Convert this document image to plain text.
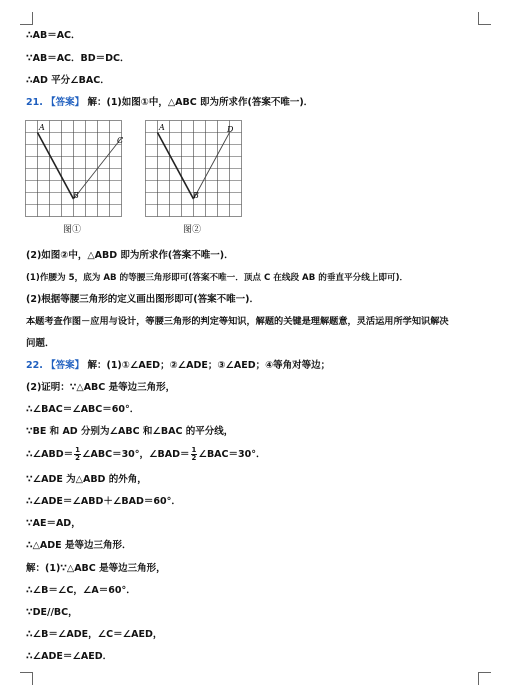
∴AB＝AC．
∵AB＝AC．BD＝DC．
∴AD 平分∠BAC．
21. 【答案】 解：(1)如图①中，△ABC 即为所求作(答案不唯一)．
A
B
C
图①
A
B
D
图②
(2)如图②中，△ABD 即为所求作(答案不唯一)．
(1)作腰为 5，底为 AB 的等腰三角形即可(答案不唯一．顶点 C 在线段 AB 的垂直平分线上即可)．
(2)根据等腰三角形的定义画出图形即可(答案不唯一)．
本题考查作图－应用与设计，等腰三角形的判定等知识，解题的关键是理解题意，灵活运用所学知识解决
问题．
22. 【答案】 解：(1)①∠AED；②∠ADE；③∠AED；④等角对等边；
(2)证明：∵△ABC 是等边三角形，
∴∠BAC＝∠ABC＝60°．
∵BE 和 AD 分别为∠ABC 和∠BAC 的平分线，
∴∠ABD＝ $\frac{1}{2}$ ∠ABC＝30°，∠BAD＝ $\frac{1}{2}$ ∠BAC＝30°．
∵∠ADE 为△ABD 的外角，
∴∠ADE＝∠ABD＋∠BAD＝60°．
∵AE＝AD，
∴△ADE 是等边三角形．
解：(1)∵△ABC 是等边三角形，
∴∠B＝∠C，∠A＝60°．
∵DE//BC，
∴∠B＝∠ADE，∠C＝∠AED，
∴∠ADE＝∠AED．
